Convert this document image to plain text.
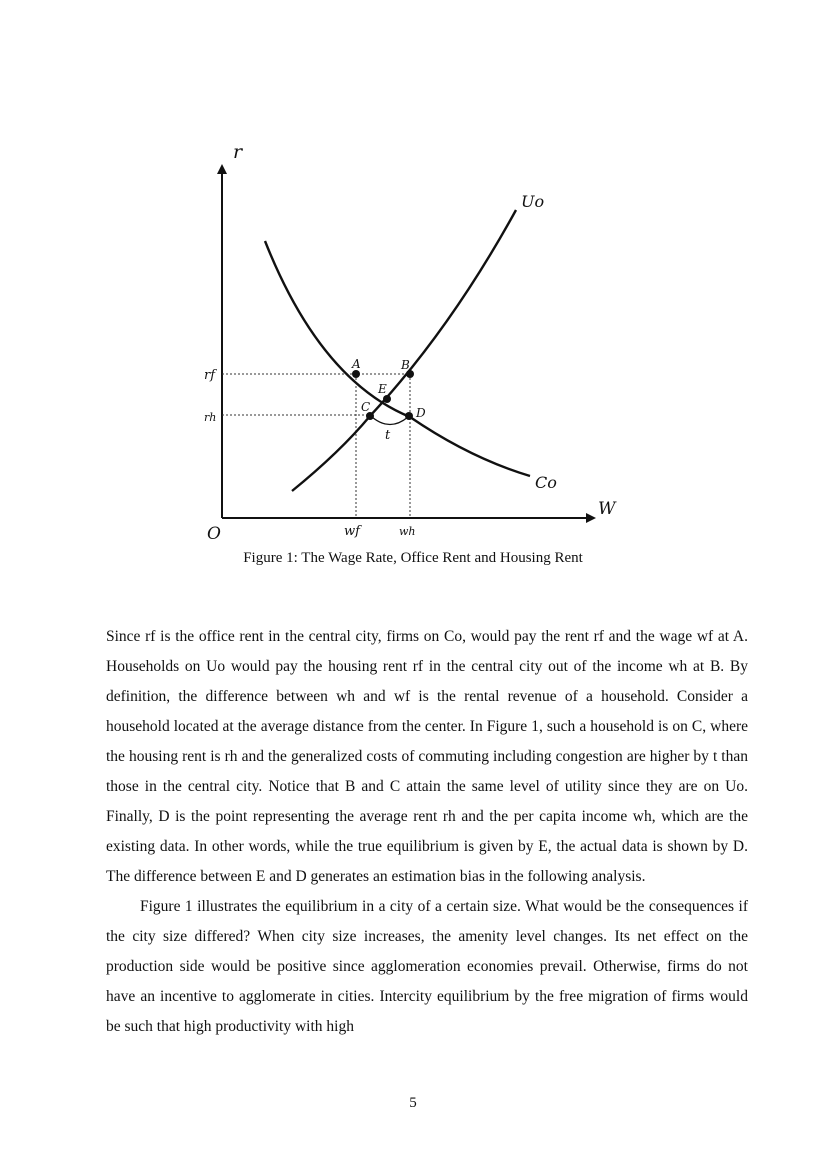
r
W
O
Uo
Co
A	B
E
C	D
t
rf
rh
wf	wh
Figure 1: The Wage Rate, Office Rent and Housing Rent

Since rf is the office rent in the central city, firms on Co, would pay the rent rf and the wage wf at A. Households on Uo would pay the housing rent rf in the central city out of the income wh at B. By definition, the difference between wh and wf is the rental revenue of a household. Consider a household located at the average distance from the center. In Figure 1, such a household is on C, where the housing rent is rh and the generalized costs of commuting including congestion are higher by t than those in the central city. Notice that B and C attain the same level of utility since they are on Uo. Finally, D is the point representing the average rent rh and the per capita income wh, which are the existing data. In other words, while the true equilibrium is given by E, the actual data is shown by D. The difference between E and D generates an estimation bias in the following analysis.

Figure 1 illustrates the equilibrium in a city of a certain size. What would be the consequences if the city size differed? When city size increases, the amenity level changes. Its net effect on the production side would be positive since agglomeration economies prevail. Otherwise, firms do not have an incentive to agglomerate in cities. Intercity equilibrium by the free migration of firms would be such that high productivity with high

5
